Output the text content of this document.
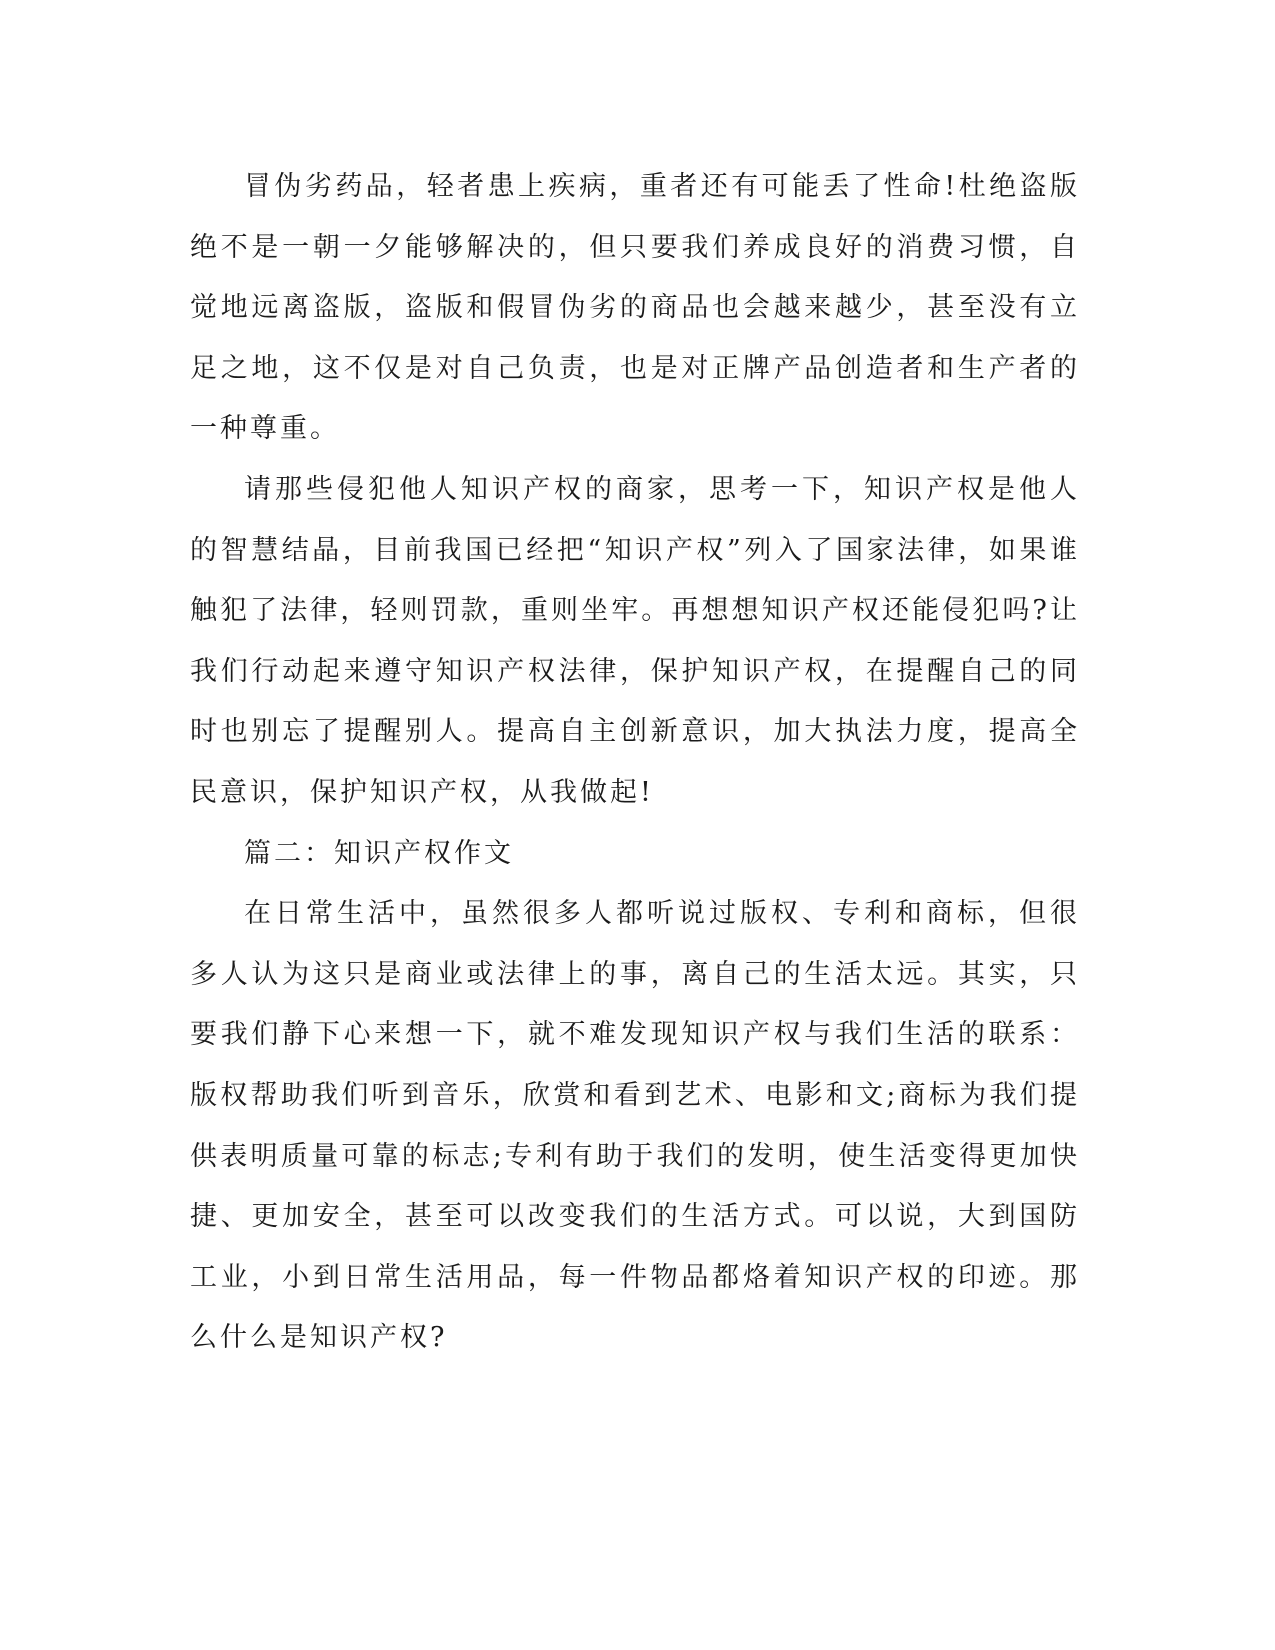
冒伪劣药品，轻者患上疾病，重者还有可能丢了性命!杜绝盗版绝不是一朝一夕能够解决的，但只要我们养成良好的消费习惯，自觉地远离盗版，盗版和假冒伪劣的商品也会越来越少，甚至没有立足之地，这不仅是对自己负责，也是对正牌产品创造者和生产者的一种尊重。

请那些侵犯他人知识产权的商家，思考一下，知识产权是他人的智慧结晶，目前我国已经把“知识产权”列入了国家法律，如果谁触犯了法律，轻则罚款，重则坐牢。再想想知识产权还能侵犯吗?让我们行动起来遵守知识产权法律，保护知识产权，在提醒自己的同时也别忘了提醒别人。提高自主创新意识，加大执法力度，提高全民意识，保护知识产权，从我做起!

篇二：知识产权作文

在日常生活中，虽然很多人都听说过版权、专利和商标，但很多人认为这只是商业或法律上的事，离自己的生活太远。其实，只要我们静下心来想一下，就不难发现知识产权与我们生活的联系：版权帮助我们听到音乐，欣赏和看到艺术、电影和文;商标为我们提供表明质量可靠的标志;专利有助于我们的发明，使生活变得更加快捷、更加安全，甚至可以改变我们的生活方式。可以说，大到国防工业，小到日常生活用品，每一件物品都烙着知识产权的印迹。那么什么是知识产权?
